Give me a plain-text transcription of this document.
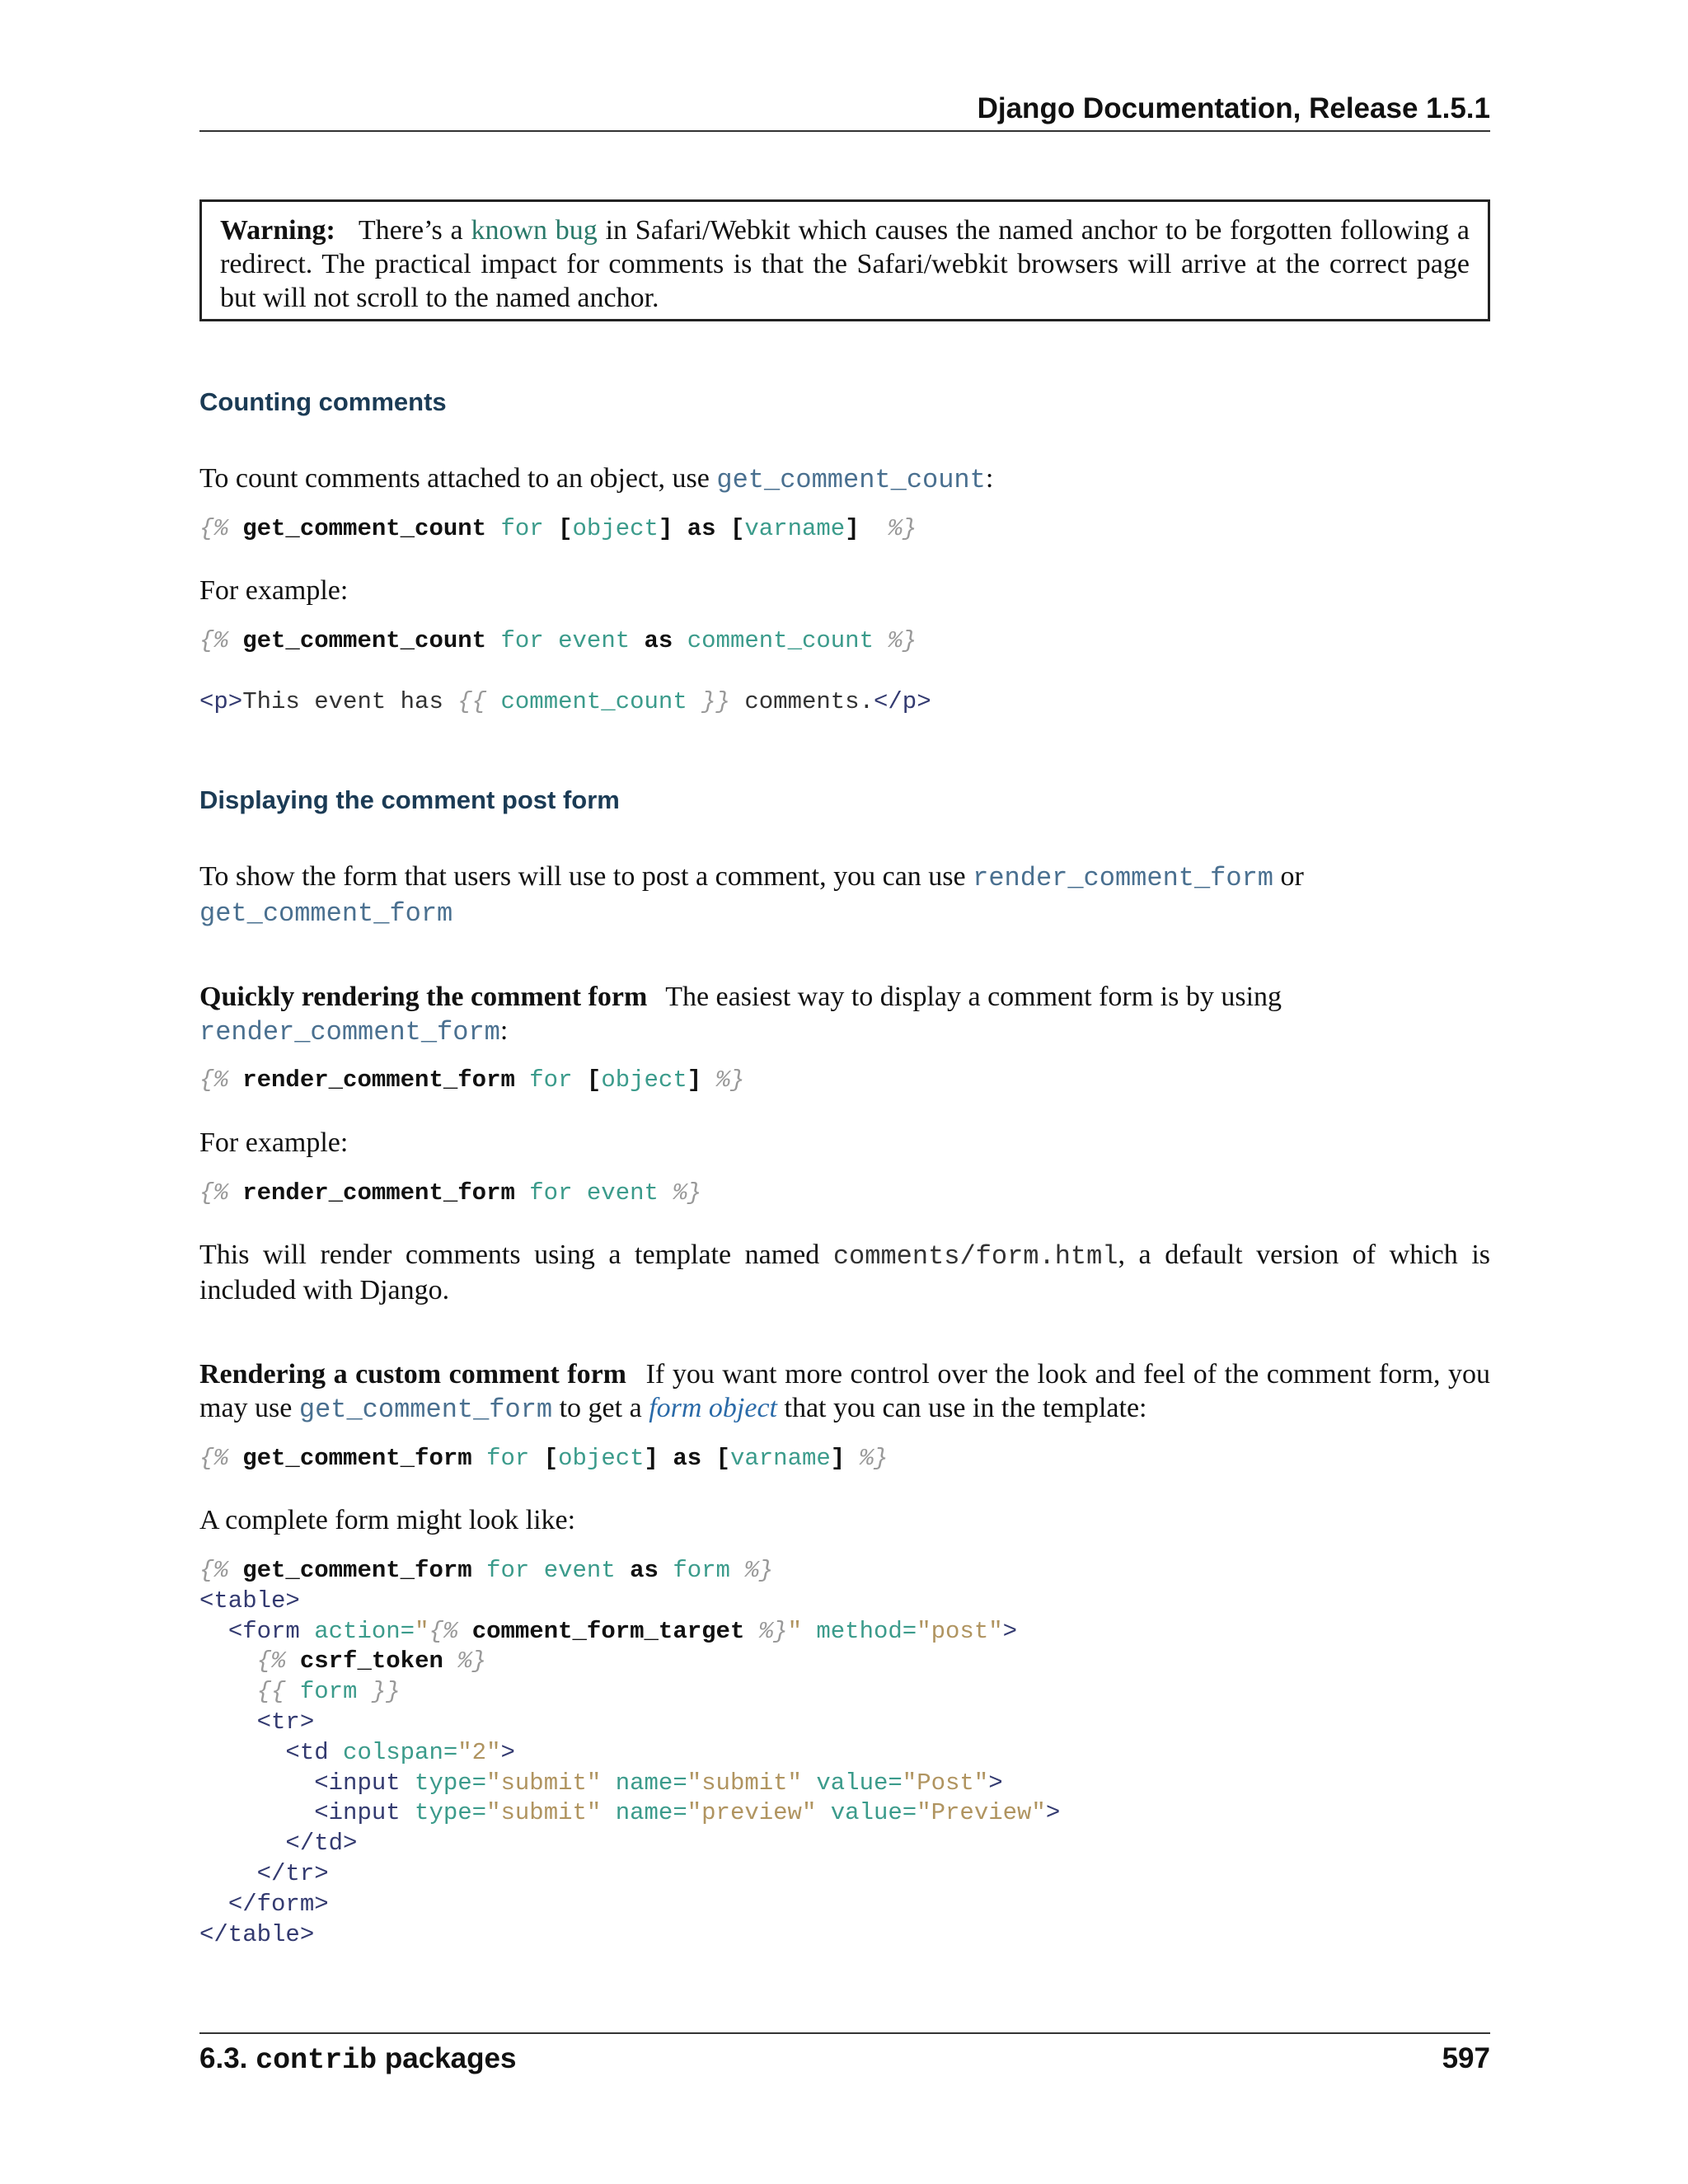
Django Documentation, Release 1.5.1
Warning: There’s a known bug in Safari/Webkit which causes the named anchor to be forgotten following a redirect. The practical impact for comments is that the Safari/webkit browsers will arrive at the correct page but will not scroll to the named anchor.
Counting comments

To count comments attached to an object, use get_comment_count:

{% get_comment_count for [object] as [varname] %}

For example:

{% get_comment_count for event as comment_count %}

<p>This event has {{ comment_count }} comments.</p>
Displaying the comment post form

To show the form that users will use to post a comment, you can use render_comment_form or
get_comment_form

Quickly rendering the comment form The easiest way to display a comment form is by using
render_comment_form:

{% render_comment_form for [object] %}

For example:

{% render_comment_form for event %}

This will render comments using a template named comments/form.html, a default version of which is included with Django.

Rendering a custom comment form If you want more control over the look and feel of the comment form, you may use get_comment_form to get a form object that you can use in the template:

{% get_comment_form for [object] as [varname] %}

A complete form might look like:

{% get_comment_form for event as form %}
<table>
<form action="{% comment_form_target %}" method="post">
{% csrf_token %}
{{ form }}
<tr>
<td colspan="2">
<input type="submit" name="submit" value="Post">
<input type="submit" name="preview" value="Preview">
</td>
</tr>
</form>
</table>
6.3. contrib packages	597
